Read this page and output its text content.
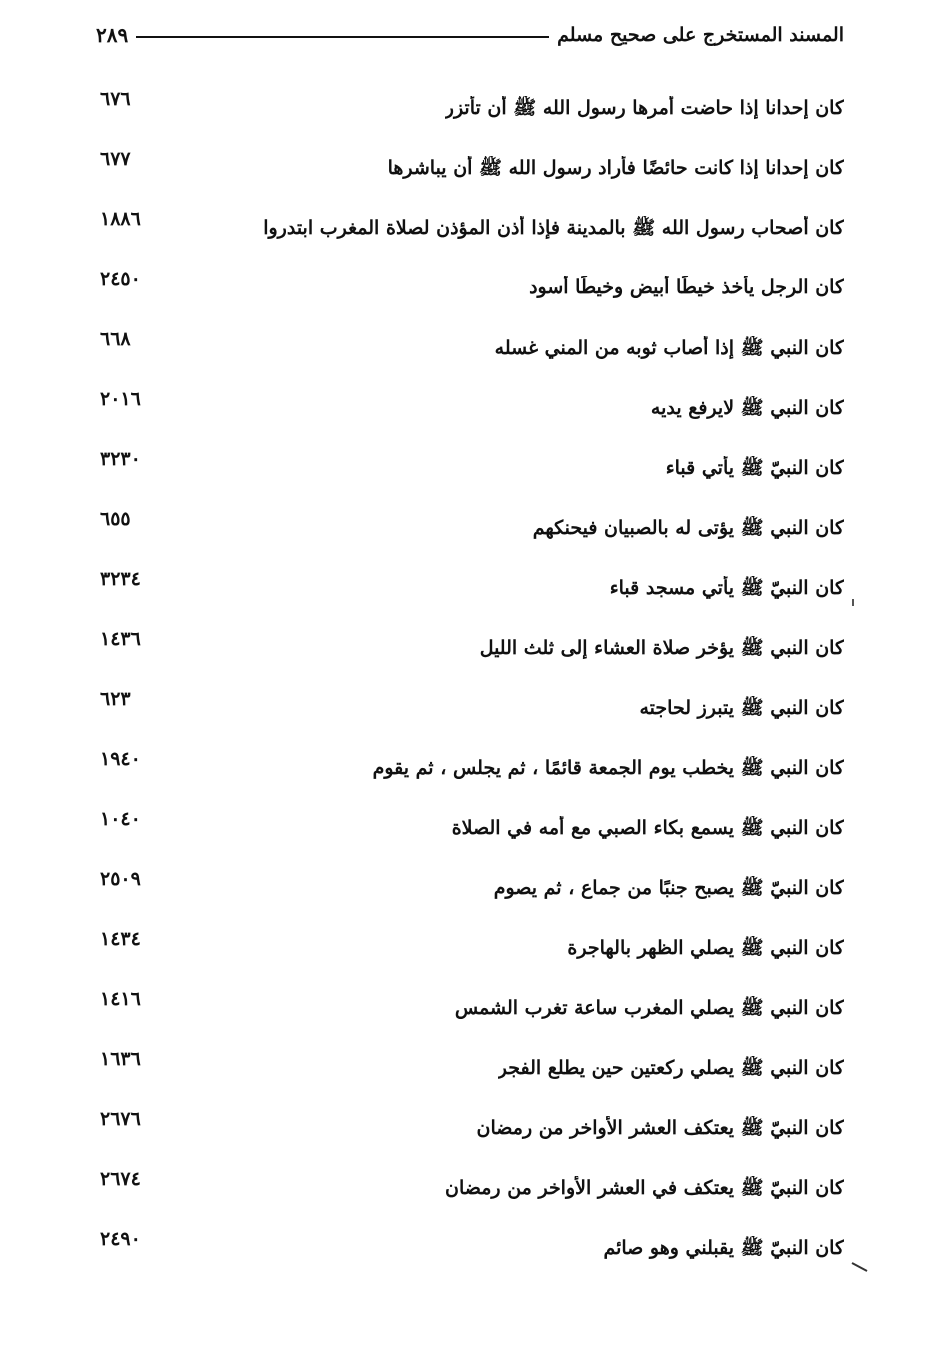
المسند المستخرج على صحيح مسلم
٢٨٩
كان إحدانا إذا حاضت أمرها رسول الله ﷺ أن تأتزر
٦٧٦
كان إحدانا إذا كانت حائضًا فأراد رسول الله ﷺ أن يباشرها
٦٧٧
كان أصحاب رسول الله ﷺ بالمدينة فإذا أذن المؤذن لصلاة المغرب ابتدروا
١٨٨٦
كان الرجل يأخذ خيطًا أبيض وخيطًا أسود
٢٤٥٠
كان النبي ﷺ إذا أصاب ثوبه من المني غسله
٦٦٨
كان النبي ﷺ لايرفع يديه
٢٠١٦
كان النبيّ ﷺ يأتي قباء
٣٢٣٠
كان النبي ﷺ يؤتى له بالصبيان فيحنكهم
٦٥٥
كان النبيّ ﷺ يأتي مسجد قباء
٣٢٣٤
كان النبي ﷺ يؤخر صلاة العشاء إلى ثلث الليل
١٤٣٦
كان النبي ﷺ يتبرز لحاجته
٦٢٣
كان النبي ﷺ يخطب يوم الجمعة قائمًا ، ثم يجلس ، ثم يقوم
١٩٤٠
كان النبي ﷺ يسمع بكاء الصبي مع أمه في الصلاة
١٠٤٠
كان النبيّ ﷺ يصبح جنبًا من جماع ، ثم يصوم
٢٥٠٩
كان النبي ﷺ يصلي الظهر بالهاجرة
١٤٣٤
كان النبي ﷺ يصلي المغرب ساعة تغرب الشمس
١٤١٦
كان النبي ﷺ يصلي ركعتين حين يطلع الفجر
١٦٣٦
كان النبيّ ﷺ يعتكف العشر الأواخر من رمضان
٢٦٧٦
كان النبيّ ﷺ يعتكف في العشر الأواخر من رمضان
٢٦٧٤
كان النبيّ ﷺ يقبلني وهو صائم
٢٤٩٠
